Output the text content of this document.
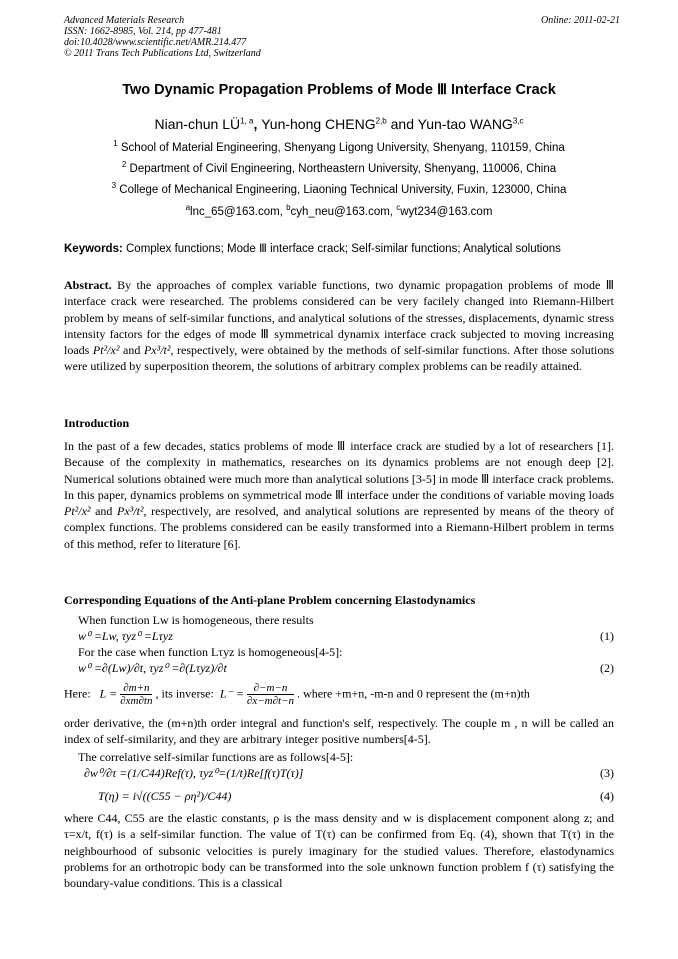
Advanced Materials Research
ISSN: 1662-8985, Vol. 214, pp 477-481
doi:10.4028/www.scientific.net/AMR.214.477
© 2011 Trans Tech Publications Ltd, Switzerland
Online: 2011-02-21
Two Dynamic Propagation Problems of Mode Ⅲ Interface Crack
Nian-chun LÜ$^{1, a}$, Yun-hong CHENG$^{2,b}$ and Yun-tao WANG$^{3,c}$
$^1$ School of Material Engineering, Shenyang Ligong University, Shenyang, 110159, China
$^2$ Department of Civil Engineering, Northeastern University, Shenyang, 110006, China
$^3$ College of Mechanical Engineering, Liaoning Technical University, Fuxin, 123000, China
$^a$lnc_65@163.com, $^b$cyh_neu@163.com, $^c$wyt234@163.com
Keywords: Complex functions; Mode Ⅲ interface crack; Self-similar functions; Analytical solutions
Abstract. By the approaches of complex variable functions, two dynamic propagation problems of mode Ⅲ interface crack were researched. The problems considered can be very facilely changed into Riemann-Hilbert problem by means of self-similar functions, and analytical solutions of the stresses, displacements, dynamic stress intensity factors for the edges of mode Ⅲ symmetrical dynamix interface crack subjected to moving increasing loads Pt²/x² and Px³/t², respectively, were obtained by the methods of self-similar functions. After those solutions were utilized by superposition theorem, the solutions of arbitrary complex problems can be readily attained.
Introduction
In the past of a few decades, statics problems of mode Ⅲ interface crack are studied by a lot of researchers [1]. Because of the complexity in mathematics, researches on its dynamics problems are not enough deep [2]. Numerical solutions obtained were much more than analytical solutions [3-5] in mode Ⅲ interface crack problems. In this paper, dynamics problems on symmetrical mode Ⅲ interface under the conditions of variable moving loads Pt²/x² and Px³/t², respectively, are resolved, and analytical solutions are represented by means of the theory of complex functions. The problems considered can be easily transformed into a Riemann-Hilbert problem in terms of this method, refer to literature [6].
Corresponding Equations of the Anti-plane Problem concerning Elastodynamics
When function Lw is homogeneous, there results
w⁰ =Lw, τyz⁰ =Lτyz	(1)
For the case when function Lτyz is homogeneous[4-5]:
w⁰ =∂(Lw)/∂t, τyz⁰ =∂(Lτyz)/∂t	(2)
Here: $L = \frac{\partial m+n}{\partial xm\partial tn}$ , its inverse: $L^- = \frac{\partial-m-n}{\partial x-m\partial t-n}$ . where +m+n, -m-n and 0 represent the (m+n)th
order derivative, the (m+n)th order integral and function's self, respectively. The couple m , n will be called an index of self-similarity, and they are arbitrary integer positive numbers[4-5].
The correlative self-similar functions are as follows[4-5]:
∂w⁰/∂τ =(1/C44)Ref(τ), τyz⁰=(1/t)Re[f(τ)T(τ)]	(3)
T(η) = i√((C55 − ρη²)/C44)	(4)
where C44, C55 are the elastic constants, ρ is the mass density and w is displacement component along z; and τ=x/t, f(τ) is a self-similar function. The value of T(τ) can be confirmed from Eq. (4), shown that T(τ) in the neighbourhood of subsonic velocities is purely imaginary for the studied values. Therefore, elastodynamics problems for an orthotropic body can be transformed into the sole unknown function problem f (τ) satisfying the boundary-value conditions. This is a classical
